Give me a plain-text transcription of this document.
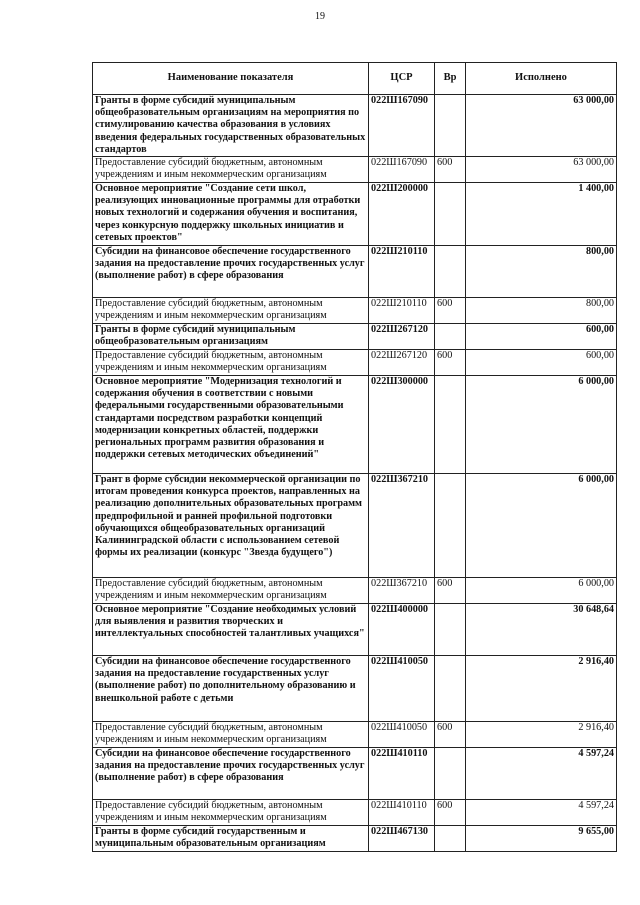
19
Наименование показателя	ЦСР	Вр	Исполнено
Гранты в форме субсидий муниципальным общеобразовательным организациям на мероприятия по стимулированию качества образования в условиях введения федеральных государственных образовательных стандартов	022Ш167090		63 000,00
Предоставление субсидий бюджетным, автономным учреждениям и иным некоммерческим организациям	022Ш167090	600	63 000,00
Основное мероприятие "Создание сети школ, реализующих инновационные программы для отработки новых технологий и содержания обучения и воспитания, через конкурсную поддержку школьных инициатив и сетевых проектов"	022Ш200000		1 400,00
Субсидии на финансовое обеспечение государственного задания на предоставление прочих государственных услуг (выполнение работ) в сфере образования	022Ш210110		800,00
Предоставление субсидий бюджетным, автономным учреждениям и иным некоммерческим организациям	022Ш210110	600	800,00
Гранты в форме субсидий муниципальным общеобразовательным организациям	022Ш267120		600,00
Предоставление субсидий бюджетным, автономным учреждениям и иным некоммерческим организациям	022Ш267120	600	600,00
Основное мероприятие "Модернизация технологий и содержания обучения в соответствии с новыми федеральными государственными образовательными стандартами посредством разработки концепций модернизации конкретных областей, поддержки региональных программ развития образования и поддержки сетевых методических объединений"	022Ш300000		6 000,00
Грант в форме субсидии некоммерческой организации по итогам проведения конкурса проектов, направленных на реализацию дополнительных образовательных программ предпрофильной и ранней профильной подготовки обучающихся общеобразовательных организаций Калининградской области с использованием сетевой формы их реализации (конкурс "Звезда будущего")	022Ш367210		6 000,00
Предоставление субсидий бюджетным, автономным учреждениям и иным некоммерческим организациям	022Ш367210	600	6 000,00
Основное мероприятие "Создание необходимых условий для выявления и развития творческих и интеллектуальных способностей талантливых учащихся"	022Ш400000		30 648,64
Субсидии на финансовое обеспечение государственного задания на предоставление государственных услуг (выполнение работ) по дополнительному образованию и внешкольной работе с детьми	022Ш410050		2 916,40
Предоставление субсидий бюджетным, автономным учреждениям и иным некоммерческим организациям	022Ш410050	600	2 916,40
Субсидии на финансовое обеспечение государственного задания на предоставление прочих государственных услуг (выполнение работ) в сфере образования	022Ш410110		4 597,24
Предоставление субсидий бюджетным, автономным учреждениям и иным некоммерческим организациям	022Ш410110	600	4 597,24
Гранты в форме субсидий государственным и муниципальным образовательным организациям	022Ш467130		9 655,00
